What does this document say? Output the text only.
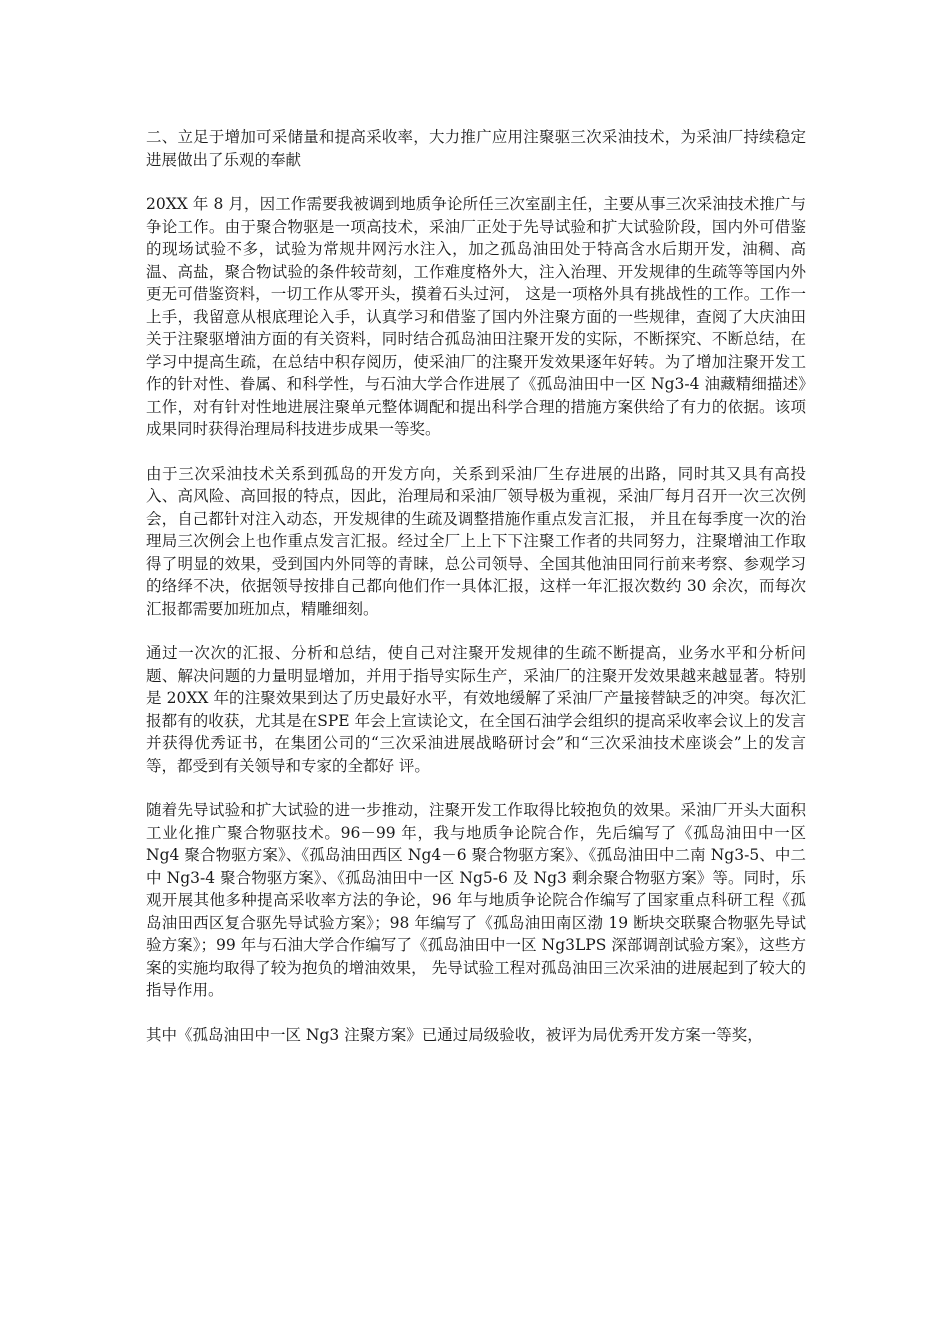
二、立足于增加可采储量和提高采收率，大力推广应用注聚驱三次采油技术，为采油厂持续稳定进展做出了乐观的奉献

20XX 年 8 月，因工作需要我被调到地质争论所任三次室副主任，主要从事三次采油技术推广与争论工作。由于聚合物驱是一项高技术，采油厂正处于先导试验和扩大试验阶段，国内外可借鉴的现场试验不多，试验为常规井网污水注入，加之孤岛油田处于特高含水后期开发，油稠、高温、高盐，聚合物试验的条件较苛刻，工作难度格外大，注入治理、开发规律的生疏等等国内外更无可借鉴资料，一切工作从零开头，摸着石头过河， 这是一项格外具有挑战性的工作。工作一上手，我留意从根底理论入手，认真学习和借鉴了国内外注聚方面的一些规律，查阅了大庆油田关于注聚驱增油方面的有关资料，同时结合孤岛油田注聚开发的实际，不断探究、不断总结，在学习中提高生疏，在总结中积存阅历，使采油厂的注聚开发效果逐年好转。为了增加注聚开发工作的针对性、眷属、和科学性，与石油大学合作进展了《孤岛油田中一区 Ng3-4 油藏精细描述》工作，对有针对性地进展注聚单元整体调配和提出科学合理的措施方案供给了有力的依据。该项成果同时获得治理局科技进步成果一等奖。

由于三次采油技术关系到孤岛的开发方向，关系到采油厂生存进展的出路，同时其又具有高投入、高风险、高回报的特点，因此，治理局和采油厂领导极为重视，采油厂每月召开一次三次例会，自己都针对注入动态，开发规律的生疏及调整措施作重点发言汇报， 并且在每季度一次的治理局三次例会上也作重点发言汇报。经过全厂上上下下注聚工作者的共同努力，注聚增油工作取得了明显的效果，受到国内外同等的青睐，总公司领导、全国其他油田同行前来考察、参观学习的络绎不决，依据领导按排自己都向他们作一具体汇报，这样一年汇报次数约 30 余次，而每次汇报都需要加班加点，精雕细刻。

通过一次次的汇报、分析和总结，使自己对注聚开发规律的生疏不断提高，业务水平和分析问题、解决问题的力量明显增加，并用于指导实际生产，采油厂的注聚开发效果越来越显著。特别是 20XX 年的注聚效果到达了历史最好水平，有效地缓解了采油厂产量接替缺乏的冲突。每次汇报都有的收获，尤其是在SPE 年会上宣读论文，在全国石油学会组织的提高采收率会议上的发言并获得优秀证书，在集团公司的“三次采油进展战略研讨会”和“三次采油技术座谈会”上的发言等，都受到有关领导和专家的全都好 评。

随着先导试验和扩大试验的进一步推动，注聚开发工作取得比较抱负的效果。采油厂开头大面积工业化推广聚合物驱技术。96－99 年，我与地质争论院合作，先后编写了《孤岛油田中一区 Ng4 聚合物驱方案》、《孤岛油田西区 Ng4－6 聚合物驱方案》、《孤岛油田中二南 Ng3-5、中二中 Ng3-4 聚合物驱方案》、《孤岛油田中一区 Ng5-6 及 Ng3 剩余聚合物驱方案》等。同时，乐观开展其他多种提高采收率方法的争论，96 年与地质争论院合作编写了国家重点科研工程《孤岛油田西区复合驱先导试验方案》；98 年编写了《孤岛油田南区渤 19 断块交联聚合物驱先导试验方案》；99 年与石油大学合作编写了《孤岛油田中一区 Ng3LPS 深部调剖试验方案》，这些方案的实施均取得了较为抱负的增油效果， 先导试验工程对孤岛油田三次采油的进展起到了较大的指导作用。

其中《孤岛油田中一区 Ng3 注聚方案》已通过局级验收，被评为局优秀开发方案一等奖，
